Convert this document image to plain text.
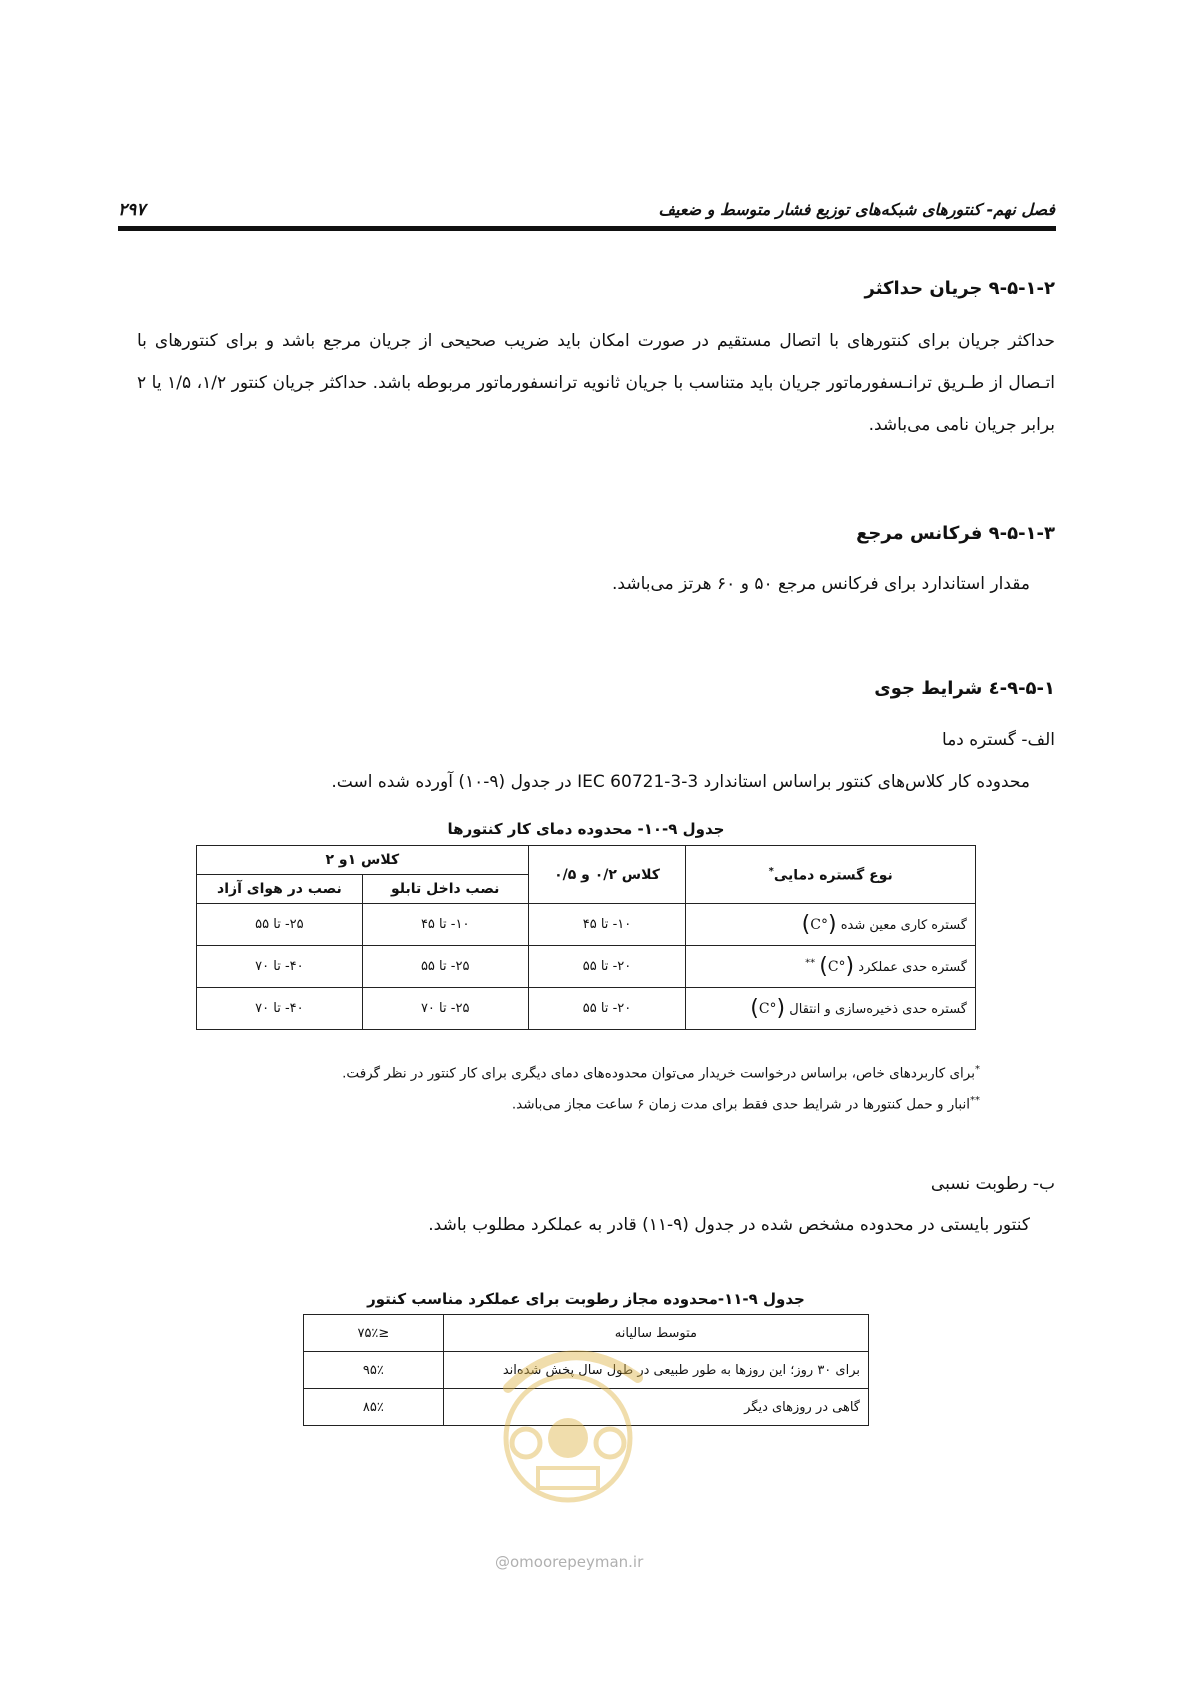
فصل نهم- کنتورهای شبکه‌های توزیع فشار متوسط و ضعیف
۲۹۷
۹-۵-۱-۲ جریان حداکثر
حداکثر جریان برای کنتورهای با اتصال مستقیم در صورت امکان باید ضریب صحیحی از جریان مرجع باشد و برای کنتورهای با اتـصال از طـریق ترانـسفورماتور جریان باید متناسب با جریان ثانویه ترانسفورماتور مربوطه باشد. حداکثر جریان کنتور ۱/۲، ۱/۵ یا ۲ برابر جریان نامی می‌باشد.
۹-۵-۱-۳ فرکانس مرجع
مقدار استاندارد برای فرکانس مرجع ۵۰ و ۶۰ هرتز می‌باشد.
۹-۵-۱-٤ شرایط جوی
الف- گستره دما
محدوده کار کلاس‌های کنتور براساس استاندارد IEC 60721-3-3 در جدول (۹-۱۰) آورده شده است.
جدول ۹-۱۰- محدوده دمای کار کنتورها
نوع گستره دمایی*	کلاس ۰/۲ و ۰/۵	کلاس ۱و ۲	
		نصب داخل تابلو	نصب در هوای آزاد
گستره کاری معین شده (°C)	۱۰- تا ۴۵	۱۰- تا ۴۵	۲۵- تا ۵۵
گستره حدی عملکرد (°C) **	۲۰- تا ۵۵	۲۵- تا ۵۵	۴۰- تا ۷۰
گستره حدی ذخیره‌سازی و انتقال (°C)	۲۰- تا ۵۵	۲۵- تا ۷۰	۴۰- تا ۷۰
*برای کاربردهای خاص، براساس درخواست خریدار می‌توان محدوده‌های دمای دیگری برای کار کنتور در نظر گرفت.
**انبار و حمل کنتورها در شرایط حدی فقط برای مدت زمان ۶ ساعت مجاز می‌باشد.
ب- رطوبت نسبی
کنتور بایستی در محدوده مشخص شده در جدول (۹-۱۱) قادر به عملکرد مطلوب باشد.
جدول ۹-۱۱-محدوده مجاز رطوبت برای عملکرد مناسب کنتور
متوسط سالیانه	≤۷۵٪
برای ۳۰ روز؛ این روزها به طور طبیعی در طول سال پخش شده‌اند	۹۵٪
گاهی در روزهای دیگر	۸۵٪
@omoorepeyman.ir
